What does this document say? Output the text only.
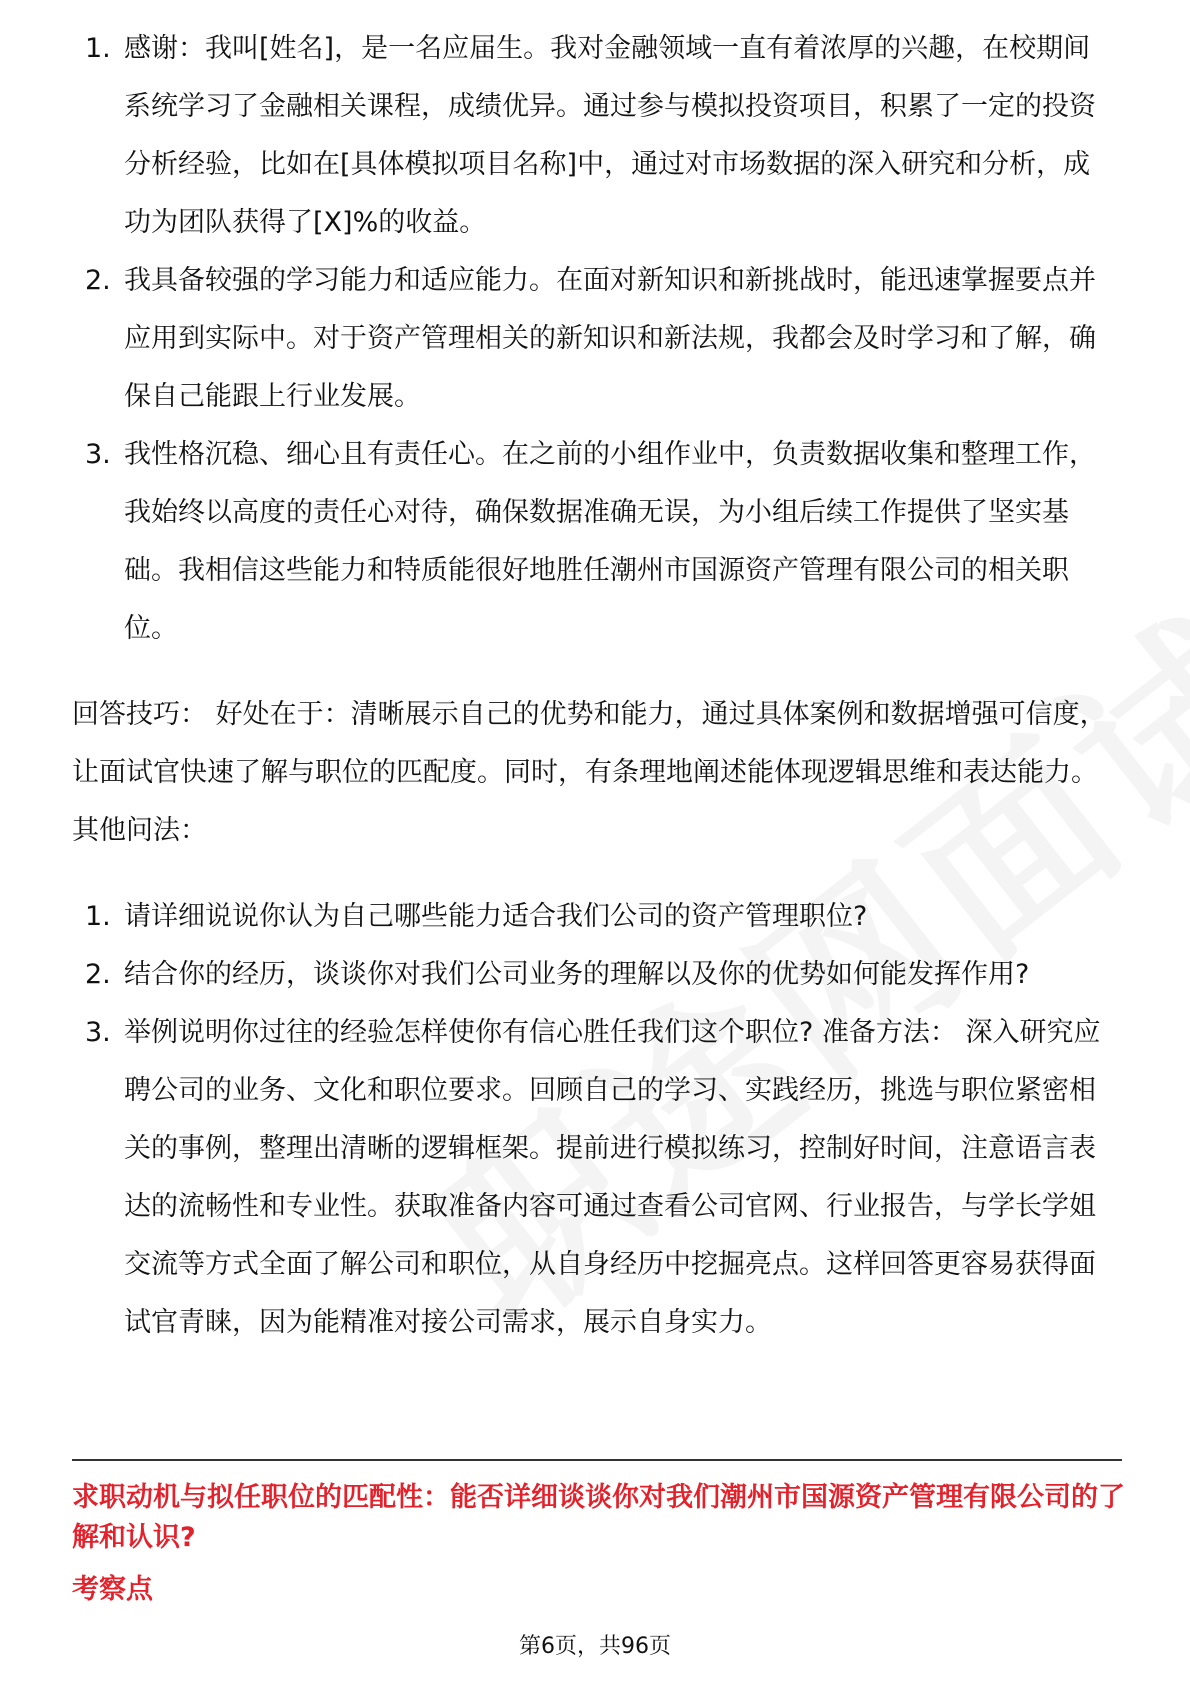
1. 感谢：我叫[姓名]，是一名应届生。我对金融领域一直有着浓厚的兴趣，在校期间系统学习了金融相关课程，成绩优异。通过参与模拟投资项目，积累了一定的投资分析经验，比如在[具体模拟项目名称]中，通过对市场数据的深入研究和分析，成功为团队获得了[X]%的收益。
2. 我具备较强的学习能力和适应能力。在面对新知识和新挑战时，能迅速掌握要点并应用到实际中。对于资产管理相关的新知识和新法规，我都会及时学习和了解，确保自己能跟上行业发展。
3. 我性格沉稳、细心且有责任心。在之前的小组作业中，负责数据收集和整理工作，我始终以高度的责任心对待，确保数据准确无误，为小组后续工作提供了坚实基础。我相信这些能力和特质能很好地胜任潮州市国源资产管理有限公司的相关职位。
回答技巧： 好处在于：清晰展示自己的优势和能力，通过具体案例和数据增强可信度，让面试官快速了解与职位的匹配度。同时，有条理地阐述能体现逻辑思维和表达能力。 其他问法：
1. 请详细说说你认为自己哪些能力适合我们公司的资产管理职位?
2. 结合你的经历，谈谈你对我们公司业务的理解以及你的优势如何能发挥作用?
3. 举例说明你过往的经验怎样使你有信心胜任我们这个职位? 准备方法： 深入研究应聘公司的业务、文化和职位要求。回顾自己的学习、实践经历，挑选与职位紧密相关的事例，整理出清晰的逻辑框架。提前进行模拟练习，控制好时间，注意语言表达的流畅性和专业性。获取准备内容可通过查看公司官网、行业报告，与学长学姐交流等方式全面了解公司和职位，从自身经历中挖掘亮点。这样回答更容易获得面试官青睐，因为能精准对接公司需求，展示自身实力。
求职动机与拟任职位的匹配性：能否详细谈谈你对我们潮州市国源资产管理有限公司的了解和认识?
考察点
第6页，共96页
